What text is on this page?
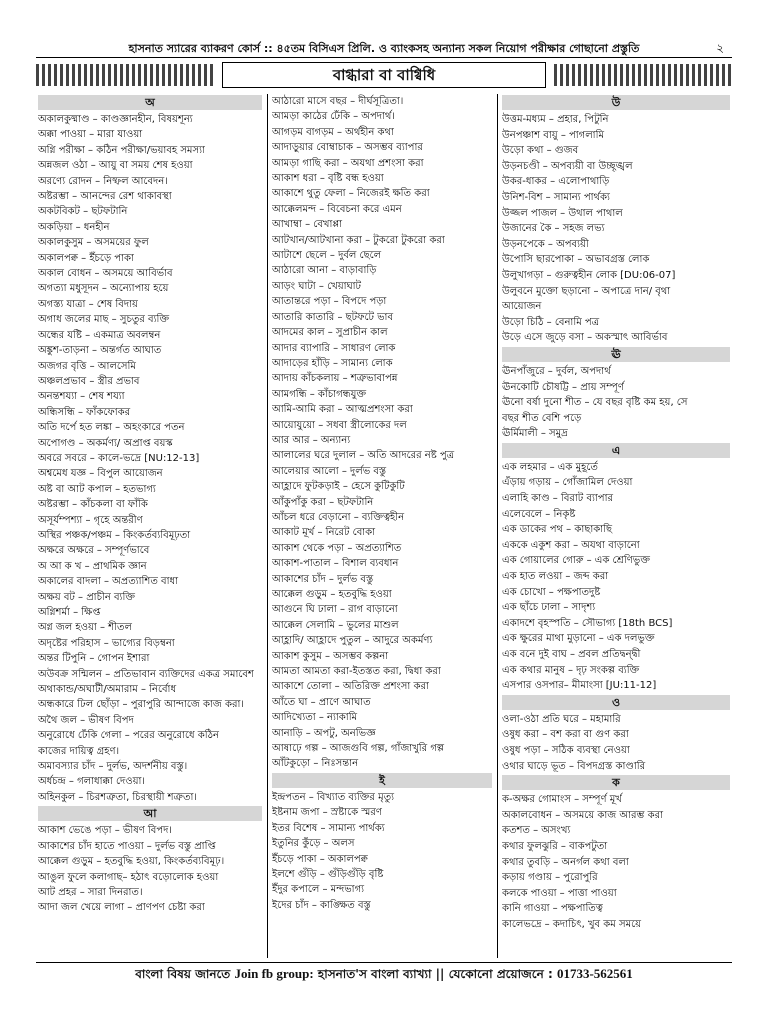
হাসনাত স্যারের ব্যাকরণ কোর্স :: ৪৫তম বিসিএস প্রিলি. ও ব্যাংকসহ অন্যান্য সকল নিয়োগ পরীক্ষার গোছানো প্রস্তুতি	২
বাগ্ধারা বা বাগ্বিধি
অ
অকালকুষ্মাণ্ড – কাণ্ডজ্ঞানহীন, বিষয়শূন্য
অক্কা পাওয়া – মারা যাওয়া
অগ্নি পরীক্ষা – কঠিন পরীক্ষা/ভয়াবহ সমস্যা
অন্নজল ওঠা – আয়ু বা সময় শেষ হওয়া
অরণ্যে রোদন – নিষ্ফল আবেদন।
অষ্টরম্ভা – আনন্দের রেশ থাকাবস্থা
অকটবিকট – ছটফটানি
অকড়িয়া – ধনহীন
অকালকুসুম – অসময়ের ফুল
অকালপক্ব – ইঁচড়ে পাকা
অকাল বোধন – অসময়ে আবির্ভাব
অগত্যা মধুসূদন – অন্যোপায় হয়ে
অগস্ত্য যাত্রা – শেষ বিদায়
অগাধ জলের মাছ – সুচতুর ব্যক্তি
অন্ধের যষ্টি – একমাত্র অবলম্বন
অঙ্কুশ-তাড়না – অন্তর্গত আঘাত
অজগর বৃত্তি – আলসেমি
অঞ্চলপ্রভাব – স্ত্রীর প্রভাব
অনন্তশয্যা – শেষ শয্যা
অন্ধিসন্ধি – ফাঁকফোকর
অতি দর্পে হত লঙ্কা – অহংকারে পতন
অপোগণ্ড – অকর্মণ্য/ অপ্রাপ্ত বয়স্ক
অবরে সবরে – কালে-ভদ্রে [NU:12-13]
অশ্বমেধ যজ্ঞ – বিপুল আয়োজন
অষ্ট বা আট কপাল – হতভাগ্য
অষ্টরম্ভা – কাঁচকলা বা ফাঁকি
অসূর্যম্পশ্যা – গৃহে অন্তরীণ
অস্থির পঞ্চক/পঞ্চম – কিংকর্তব্যবিমূঢ়তা
অক্ষরে অক্ষরে – সম্পূর্ণভাবে
অ আ ক খ – প্রাথমিক জ্ঞান
অকালের বাদলা – অপ্রত্যাশিত বাধা
অক্ষয় বট – প্রাচীন ব্যক্তি
অগ্নিশর্মা – ক্ষিপ্ত
অগ্ন জল হওয়া – শীতল
অদৃষ্টের পরিহাস – ভাগ্যের বিড়ম্বনা
অন্তর টিপুনি – গোপন ইশারা
অউবক্র সন্মিলন – প্রতিভাবান ব্যক্তিদের একত্র সমাবেশ
অথাকান্ড/অঘাটী/অমারাম – নির্বোধ
অন্ধকারে ঢিল ছোঁড়া – পুরাপুরি আন্দাজে কাজ করা।
অথৈ জল – ভীষণ বিপদ
অনুরোধে ঢেঁকি গেলা – পরের অনুরোধে কঠিন
কাজের দায়িত্ব গ্রহণ।
অমাবস্যার চাঁদ – দুর্লভ, অদর্শনীয় বস্তু।
অর্ধচন্দ্র – গলাধাক্কা দেওয়া।
অহিনকুল – চিরশত্রুতা, চিরস্থায়ী শত্রুতা।
আ
আকাশ ভেঙে পড়া – ভীষণ বিপদ।
আকাশের চাঁদ হাতে পাওয়া – দুর্লভ বস্তু প্রাপ্তি
আক্কেল গুড়ুম – হতবুদ্ধি হওয়া, কিংকর্তব্যবিমূঢ়।
আঙুল ফুলে কলাগাছ– হঠাৎ বড়োলোক হওয়া
আট প্রহর – সারা দিনরাত।
আদা জল খেয়ে লাগা – প্রাণপণ চেষ্টা করা
আঠারো মাসে বছর – দীর্ঘসূত্রিতা।
আমড়া কাঠের ঢেঁকি – অপদার্থ।
আগড়ম বাগড়ম – অর্থহীন কথা
আদাড়ুয়ার বোম্বাচাক – অসম্ভব ব্যাপার
আমড়া গাছি করা – অযথা প্রশংসা করা
আকাশ ধরা – বৃষ্টি বন্ধ হওয়া
আকাশে থুতু ফেলা – নিজেরই ক্ষতি করা
আক্কেলমন্দ – বিবেচনা করে এমন
আখাম্বা – বেখাপ্পা
আটখান/আটখানা করা – টুকরো টুকরো করা
আটাশে ছেলে – দুর্বল ছেলে
আঠারো আনা – বাড়াবাড়ি
আড়ং ঘাটা – খেয়াঘাট
আতান্তরে পড়া – বিপদে পড়া
আতারি কাতারি – ছটফটে ভাব
আদমের কাল – সুপ্রাচীন কাল
আদার ব্যাপারি – সাধারণ লোক
আদাড়ের হাঁড়ি – সামান্য লোক
আদায় কাঁচকলায় – শত্রুভাবাপন্ন
আমগন্ধি – কাঁচাগন্ধযুক্ত
আমি-আমি করা – আত্মপ্রশংসা করা
আয়োযুয়ো – সধবা স্ত্রীলোকের দল
আর আর – অন্যান্য
আলালের ঘরে দুলাল – অতি আদরের নষ্ট পুত্র
আলেয়ার আলো – দুর্লভ বস্তু
আহ্লাদে ফুটকড়াই – হেসে কুটিকুটি
আঁকুপাঁকু করা – ছটফটানি
আঁচল ধরে বেড়ানো – ব্যক্তিত্বহীন
আকাট মূর্খ – নিরেট বোকা
আকাশ থেকে পড়া – অপ্রত্যাশিত
আকাশ-পাতাল – বিশাল ব্যবধান
আকাশের চাঁদ – দুর্লভ বস্তু
আক্কেল গুড়ুম – হতবুদ্ধি হওয়া
আগুনে ঘি ঢালা – রাগ বাড়ানো
আক্কেল সেলামি – ভুলের মাশুল
আহ্লাদি/ আহ্লাদে পুতুল – আদুরে অকর্মণ্য
আকাশ কুসুম – অসম্ভব কল্পনা
আমতা আমতা করা-ইতস্তত করা, দ্বিধা করা
আকাশে তোলা – অতিরিক্ত প্রশংসা করা
আঁতে ঘা – প্রাণে আঘাত
আদিখ্যেতা – ন্যাকামি
আনাড়ি – অপটু, অনভিজ্ঞ
আষাঢ়ে গল্প – আজগুবি গল্প, গাঁজাখুরি গল্প
আঁটকুড়ো – নিঃসন্তান
ই
ইন্দ্রপতন – বিখ্যাত ব্যক্তির মৃত্যু
ইষ্টনাম জপা – স্রষ্টাকে স্মরণ
ইতর বিশেষ – সামান্য পার্থক্য
ইতুনির কুঁড়ে – অলস
ইঁচড়ে পাকা – অকালপক্ব
ইলশে গুঁড়ি – গুঁড়িগুঁড়ি বৃষ্টি
ইঁদুর কপালে – মন্দভাগ্য
ইদের চাঁদ – কাঙ্ক্ষিত বস্তু
উ
উত্তম-মধ্যম – প্রহার, পিটুনি
উনপঞ্চাশ বায়ু – পাগলামি
উড়ো কথা – গুজব
উড়নচণ্ডী – অপব্যয়ী বা উচ্ছৃঙ্খল
উকর-ধাকর – এলোপাথাড়ি
উনিশ-বিশ – সামান্য পার্থক্য
উজ্জল পাজল – উথাল পাথাল
উজানের কৈ – সহজ লভ্য
উড়নপেকে – অপব্যয়ী
উপোসি ছারপোকা – অভাবগ্রস্ত লোক
উলুখাগড়া – গুরুত্বহীন লোক [DU:06-07]
উলুবনে মুক্তো ছড়ানো – অপাত্রে দান/ বৃথা
আয়োজন
উড়ো চিঠি – বেনামি পত্র
উড়ে এসে জুড়ে বসা – অকস্মাৎ আবির্ভাব
ঊ
ঊনপাঁজুরে – দুর্বল, অপদার্থ
ঊনকোটি চৌষট্টি – প্রায় সম্পূর্ণ
ঊনো বর্ষা দুনো শীত – যে বছর বৃষ্টি কম হয়, সে
বছর শীত বেশি পড়ে
ঊর্মিমালী – সমুদ্র
এ
এক লহমার – এক মুহূর্তে
এঁড়ায় গড়ায় – গোঁজামিল দেওয়া
এলাহি কাণ্ড – বিরাট ব্যাপার
এলেবেলে – নিকৃষ্ট
এক ডাকের পথ – কাছাকাছি
এককে একুশ করা – অযথা বাড়ানো
এক গোয়ালের গোরু – এক শ্রেণিভুক্ত
এক হাত লওয়া – জব্দ করা
এক চোখো – পক্ষপাতদুষ্ট
এক ছাঁচে ঢালা – সাদৃশ্য
একাদশে বৃহস্পতি – সৌভাগ্য [18th BCS]
এক ক্ষুরের মাথা মুড়ানো – এক দলভুক্ত
এক বনে দুই বাঘ – প্রবল প্রতিদ্বন্দ্বী
এক কথার মানুষ – দৃঢ় সংকল্প ব্যক্তি
এসপার ওসপার– মীমাংসা [JU:11-12]
ও
ওলা-ওঠা প্রতি ঘরে – মহামারি
ওষুধ করা – বশ করা বা গুণ করা
ওষুধ পড়া – সঠিক ব্যবস্থা নেওয়া
ওথার ঘাড়ে ভূত – বিপদগ্রস্ত কাণ্ডারি
ক
ক-অক্ষর গোমাংস – সম্পূর্ণ মূর্খ
অকালবোধন – অসময়ে কাজ আরম্ভ করা
কতশত – অসংখ্য
কথার ফুলঝুরি – বাকপটুতা
কথার তুবড়ি – অনর্গল কথা বলা
কড়ায় গণ্ডায় – পুরোপুরি
কলকে পাওয়া – পাত্তা পাওয়া
কানি গাওয়া – পক্ষপাতিত্ব
কালেভদ্রে – কদাচিৎ, খুব কম সময়ে
বাংলা বিষয় জানতে Join fb group: হাসনাত'স বাংলা ব্যাখ্যা || যেকোনো প্রয়োজনে : 01733-562561
